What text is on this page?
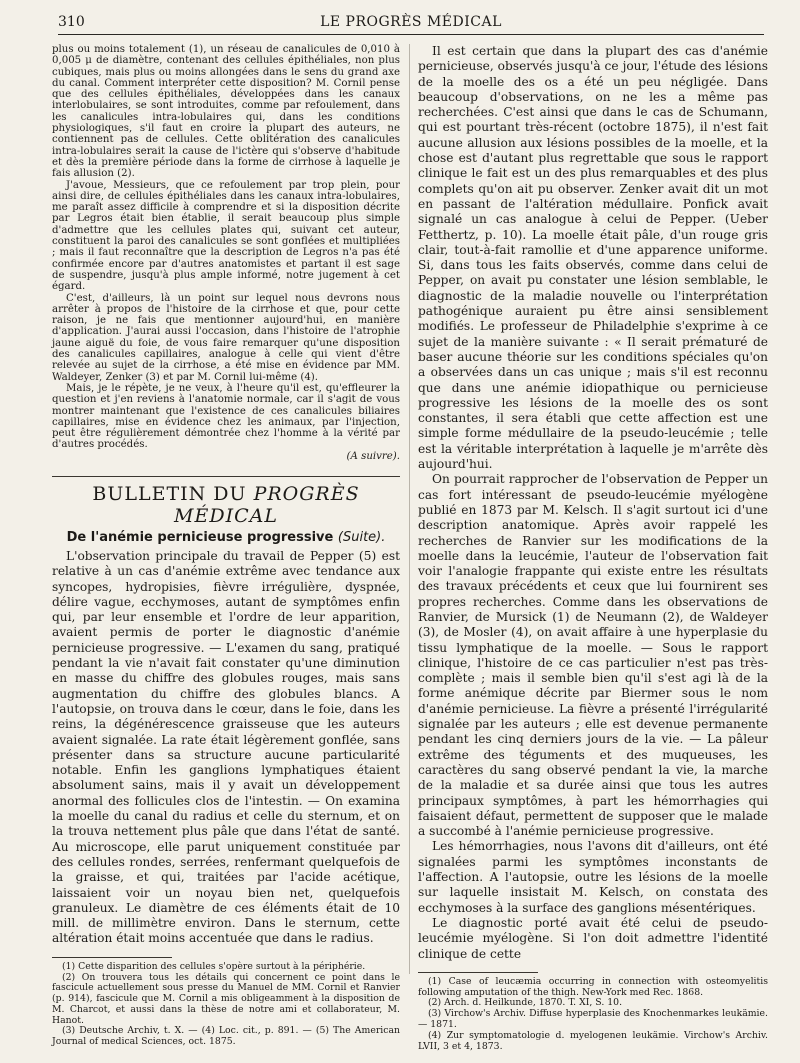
310	LE PROGRÈS MÉDICAL

plus ou moins totalement (1), un réseau de canalicules de 0,010 à 0,005 μ de diamètre, contenant des cellules épithéliales, non plus cubiques, mais plus ou moins allongées dans le sens du grand axe du canal. Comment interpréter cette disposition? M. Cornil pense que des cellules épithéliales, développées dans les canaux interlobulaires, se sont introduites, comme par refoulement, dans les canalicules intra-lobulaires qui, dans les conditions physiologiques, s'il faut en croire la plupart des auteurs, ne contiennent pas de cellules. Cette oblitération des canalicules intra-lobulaires serait la cause de l'ictère qui s'observe d'habitude et dès la première période dans la forme de cirrhose à laquelle je fais allusion (2).

J'avoue, Messieurs, que ce refoulement par trop plein, pour ainsi dire, de cellules épithéliales dans les canaux intra-lobulaires, me paraît assez difficile à comprendre et si la disposition décrite par Legros était bien établie, il serait beaucoup plus simple d'admettre que les cellules plates qui, suivant cet auteur, constituent la paroi des canalicules se sont gonflées et multipliées ; mais il faut reconnaître que la description de Legros n'a pas été confirmée encore par d'autres anatomistes et partant il est sage de suspendre, jusqu'à plus ample informé, notre jugement à cet égard.

C'est, d'ailleurs, là un point sur lequel nous devrons nous arrêter à propos de l'histoire de la cirrhose et que, pour cette raison, je ne fais que mentionner aujourd'hui, en manière d'application. J'aurai aussi l'occasion, dans l'histoire de l'atrophie jaune aiguë du foie, de vous faire remarquer qu'une disposition des canalicules capillaires, analogue à celle qui vient d'être relevée au sujet de la cirrhose, a été mise en évidence par MM. Waldeyer, Zenker (3) et par M. Cornil lui-même (4).

Mais, je le répète, je ne veux, à l'heure qu'il est, qu'effleurer la question et j'en reviens à l'anatomie normale, car il s'agit de vous montrer maintenant que l'existence de ces canalicules biliaires capillaires, mise en évidence chez les animaux, par l'injection, peut être régulièrement démontrée chez l'homme à la vérité par d'autres procédés.

(A suivre).
BULLETIN DU PROGRÈS MÉDICAL
De l'anémie pernicieuse progressive (Suite).

L'observation principale du travail de Pepper (5) est relative à un cas d'anémie extrême avec tendance aux syncopes, hydropisies, fièvre irrégulière, dyspnée, délire vague, ecchymoses, autant de symptômes enfin qui, par leur ensemble et l'ordre de leur apparition, avaient permis de porter le diagnostic d'anémie pernicieuse progressive. — L'examen du sang, pratiqué pendant la vie n'avait fait constater qu'une diminution en masse du chiffre des globules rouges, mais sans augmentation du chiffre des globules blancs. A l'autopsie, on trouva dans le cœur, dans le foie, dans les reins, la dégénérescence graisseuse que les auteurs avaient signalée. La rate était légèrement gonflée, sans présenter dans sa structure aucune particularité notable. Enfin les ganglions lymphatiques étaient absolument sains, mais il y avait un développement anormal des follicules clos de l'intestin. — On examina la moelle du canal du radius et celle du sternum, et on la trouva nettement plus pâle que dans l'état de santé. Au microscope, elle parut uniquement constituée par des cellules rondes, serrées, renfermant quelquefois de la graisse, et qui, traitées par l'acide acétique, laissaient voir un noyau bien net, quelquefois granuleux. Le diamètre de ces éléments était de 10 mill. de millimètre environ. Dans le sternum, cette altération était moins accentuée que dans le radius.

(1) Cette disparition des cellules s'opère surtout à la périphérie.

(2) On trouvera tous les détails qui concernent ce point dans le fascicule actuellement sous presse du Manuel de MM. Cornil et Ranvier (p. 914), fascicule que M. Cornil a mis obligeamment à la disposition de M. Charcot, et aussi dans la thèse de notre ami et collaborateur, M. Hanot.

(3) Deutsche Archiv, t. X. — (4) Loc. cit., p. 891. — (5) The American Journal of medical Sciences, oct. 1875.

Il est certain que dans la plupart des cas d'anémie pernicieuse, observés jusqu'à ce jour, l'étude des lésions de la moelle des os a été un peu négligée. Dans beaucoup d'observations, on ne les a même pas recherchées. C'est ainsi que dans le cas de Schumann, qui est pourtant très-récent (octobre 1875), il n'est fait aucune allusion aux lésions possibles de la moelle, et la chose est d'autant plus regrettable que sous le rapport clinique le fait est un des plus remarquables et des plus complets qu'on ait pu observer. Zenker avait dit un mot en passant de l'altération médullaire. Ponfick avait signalé un cas analogue à celui de Pepper. (Ueber Fetthertz, p. 10). La moelle était pâle, d'un rouge gris clair, tout-à-fait ramollie et d'une apparence uniforme. Si, dans tous les faits observés, comme dans celui de Pepper, on avait pu constater une lésion semblable, le diagnostic de la maladie nouvelle ou l'interprétation pathogénique auraient pu être ainsi sensiblement modifiés. Le professeur de Philadelphie s'exprime à ce sujet de la manière suivante : « Il serait prématuré de baser aucune théorie sur les conditions spéciales qu'on a observées dans un cas unique ; mais s'il est reconnu que dans une anémie idiopathique ou pernicieuse progressive les lésions de la moelle des os sont constantes, il sera établi que cette affection est une simple forme médullaire de la pseudo-leucémie ; telle est la véritable interprétation à laquelle je m'arrête dès aujourd'hui.

On pourrait rapprocher de l'observation de Pepper un cas fort intéressant de pseudo-leucémie myélogène publié en 1873 par M. Kelsch. Il s'agit surtout ici d'une description anatomique. Après avoir rappelé les recherches de Ranvier sur les modifications de la moelle dans la leucémie, l'auteur de l'observation fait voir l'analogie frappante qui existe entre les résultats des travaux précédents et ceux que lui fournirent ses propres recherches. Comme dans les observations de Ranvier, de Mursick (1) de Neumann (2), de Waldeyer (3), de Mosler (4), on avait affaire à une hyperplasie du tissu lymphatique de la moelle. — Sous le rapport clinique, l'histoire de ce cas particulier n'est pas très-complète ; mais il semble bien qu'il s'est agi là de la forme anémique décrite par Biermer sous le nom d'anémie pernicieuse. La fièvre a présenté l'irrégularité signalée par les auteurs ; elle est devenue permanente pendant les cinq derniers jours de la vie. — La pâleur extrême des téguments et des muqueuses, les caractères du sang observé pendant la vie, la marche de la maladie et sa durée ainsi que tous les autres principaux symptômes, à part les hémorrhagies qui faisaient défaut, permettent de supposer que le malade a succombé à l'anémie pernicieuse progressive.

Les hémorrhagies, nous l'avons dit d'ailleurs, ont été signalées parmi les symptômes inconstants de l'affection. A l'autopsie, outre les lésions de la moelle sur laquelle insistait M. Kelsch, on constata des ecchymoses à la surface des ganglions mésentériques.

Le diagnostic porté avait été celui de pseudo-leucémie myélogène. Si l'on doit admettre l'identité clinique de cette

(1) Case of leucæmia occurring in connection with osteomyelitis following amputation of the thigh. New-York med Rec. 1868.

(2) Arch. d. Heilkunde, 1870. T. XI, S. 10.

(3) Virchow's Archiv. Diffuse hyperplasie des Knochenmarkes leukämie. — 1871.

(4) Zur symptomatologie d. myelogenen leukämie. Virchow's Archiv. LVII, 3 et 4, 1873.
